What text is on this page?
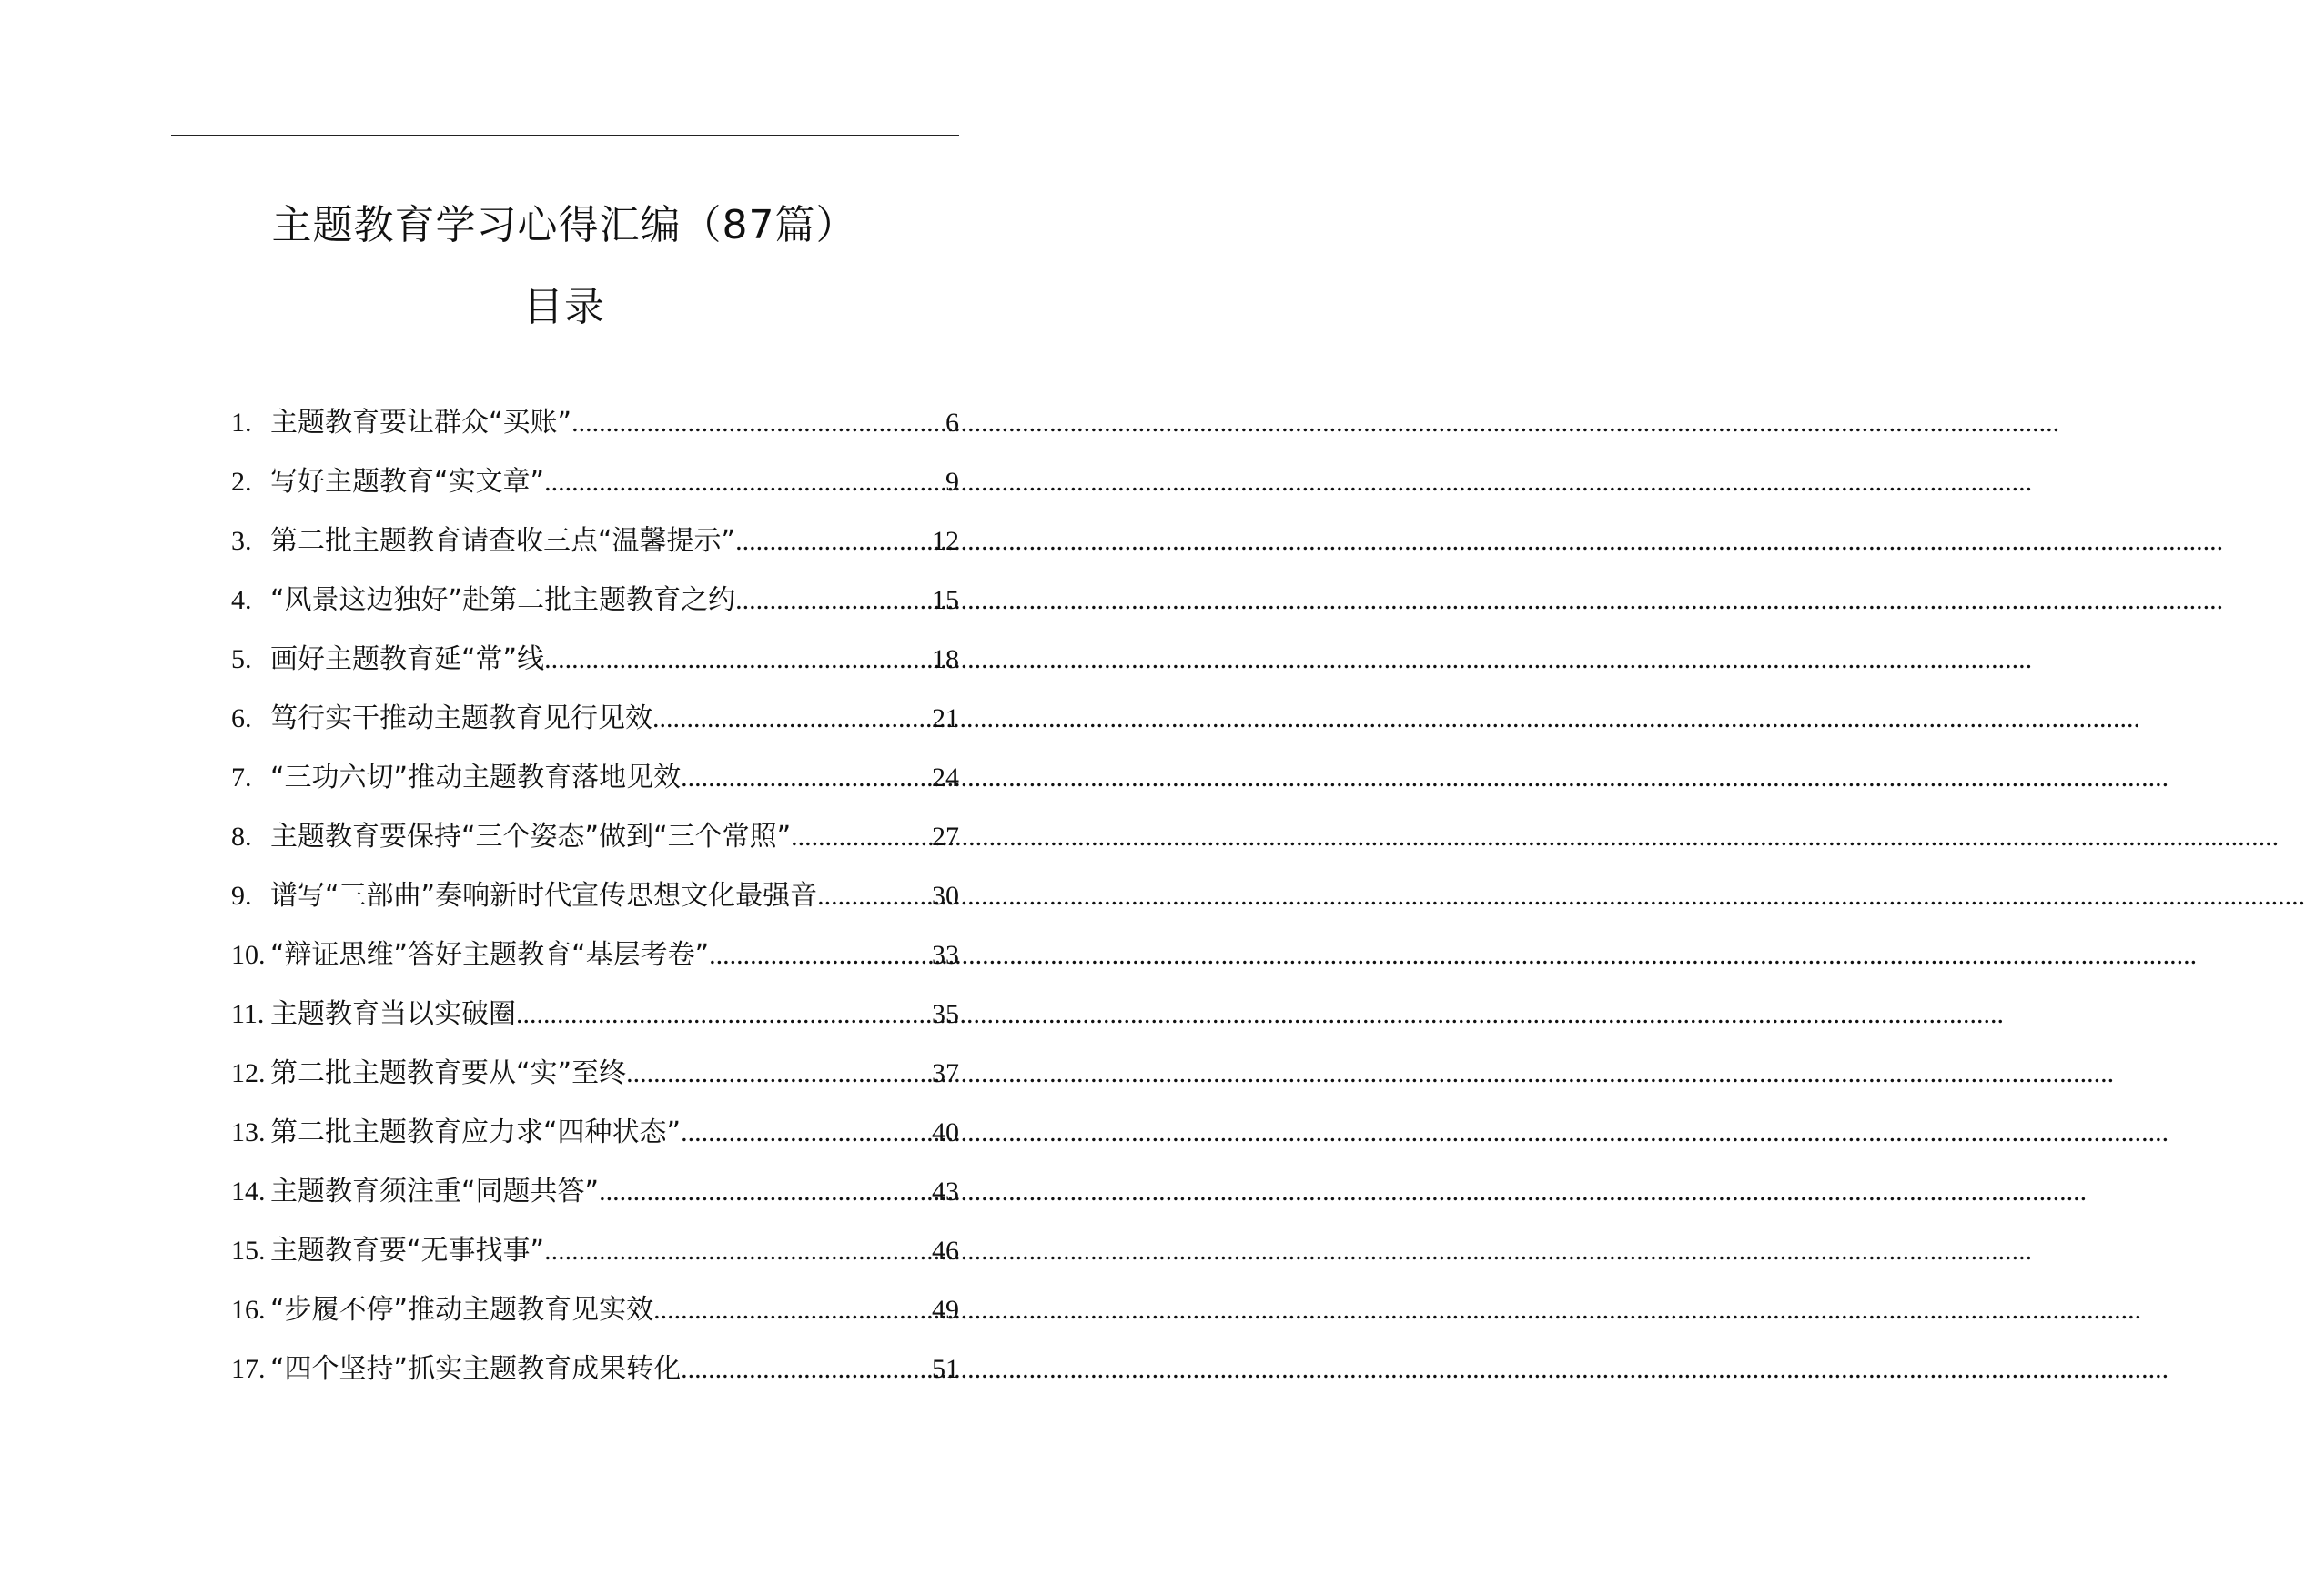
主题教育学习心得汇编（87篇）
目录
1. 主题教育要让群众“买账” .....	6
2. 写好主题教育“实文章” .....	9
3. 第二批主题教育请查收三点“温馨提示” .....	12
4. “风景这边独好”赴第二批主题教育之约 .....	15
5. 画好主题教育延“常”线 .....	18
6. 笃行实干推动主题教育见行见效 .....	21
7. “三功六切”推动主题教育落地见效 .....	24
8. 主题教育要保持“三个姿态”做到“三个常照” .....	27
9. 谱写“三部曲”奏响新时代宣传思想文化最强音 .....	30
10. “辩证思维”答好主题教育“基层考卷” .....	33
11. 主题教育当以实破圈 .....	35
12. 第二批主题教育要从“实”至终 .....	37
13. 第二批主题教育应力求“四种状态” .....	40
14. 主题教育须注重“同题共答” .....	43
15. 主题教育要“无事找事” .....	46
16. “步履不停”推动主题教育见实效 .....	49
17. “四个坚持”抓实主题教育成果转化 .....	51
